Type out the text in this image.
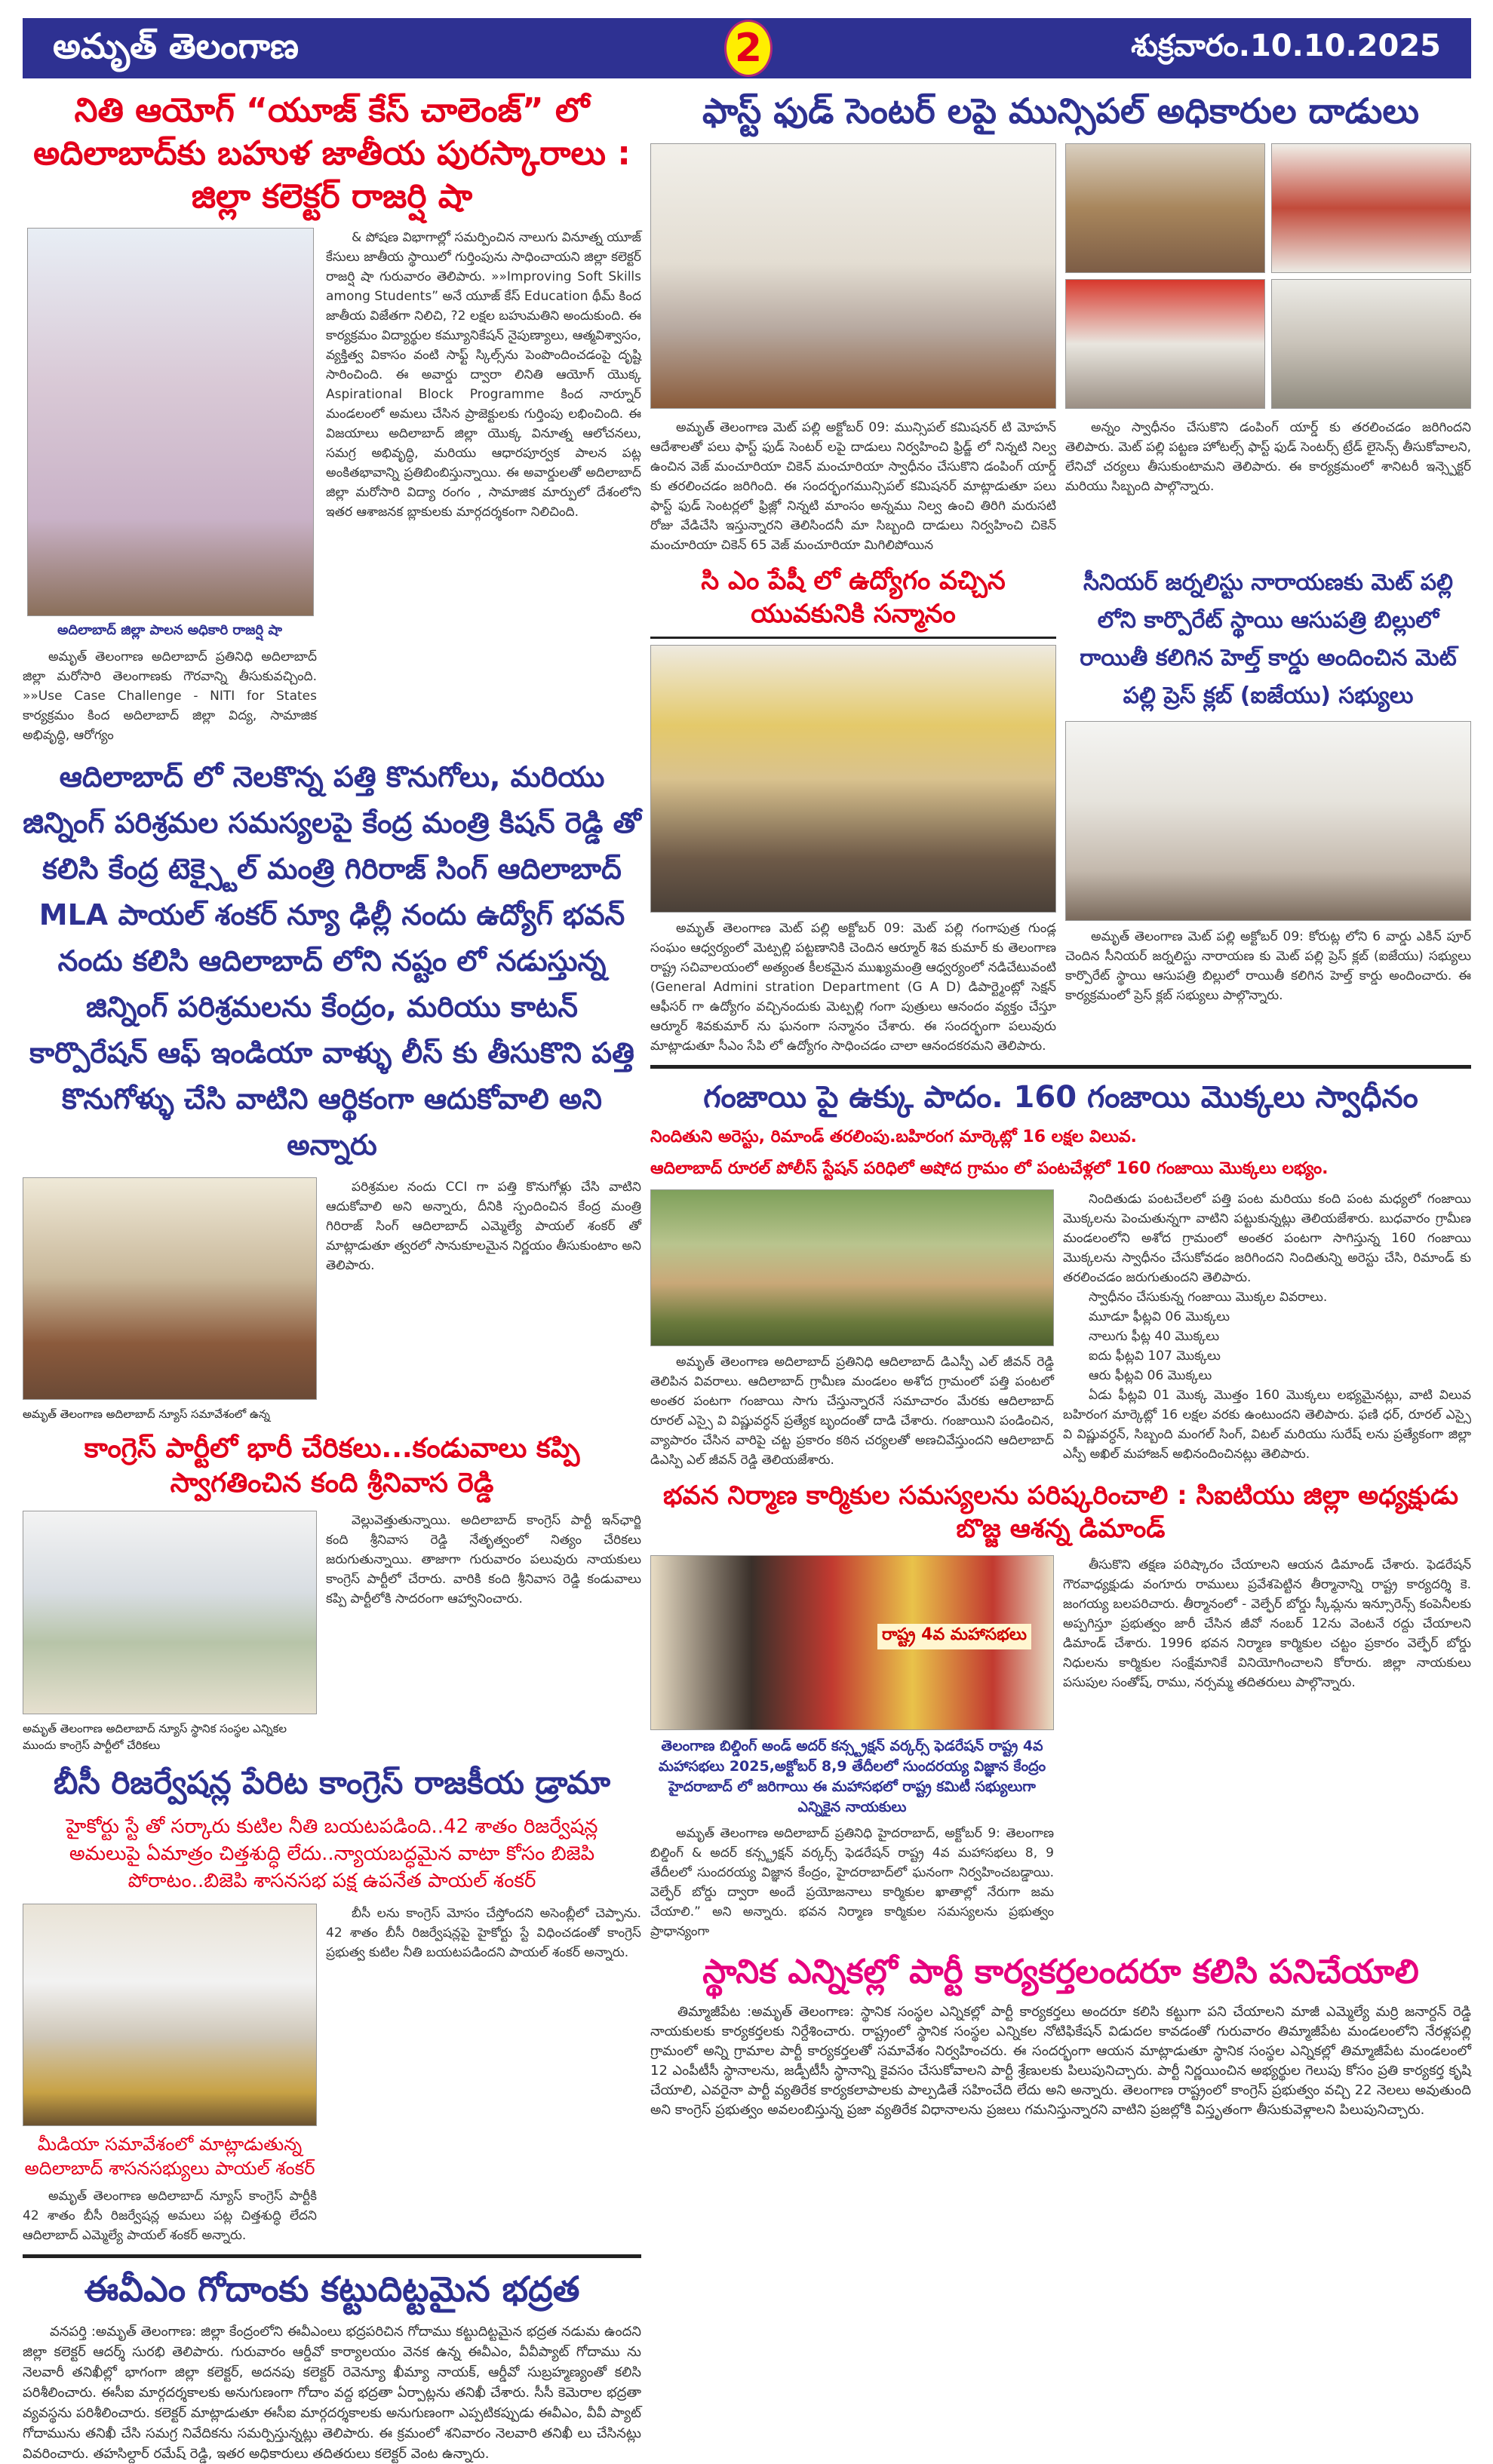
అమృత్ తెలంగాణ	2	శుక్రవారం.10.10.2025
నితి ఆయోగ్ “యూజ్ కేస్ చాలెంజ్” లో అదిలాబాద్‌కు బహుళ జాతీయ పురస్కారాలు : జిల్లా కలెక్టర్ రాజర్షి షా
అదిలాబాద్ జిల్లా పాలన అధికారి రాజర్షి షా

అమృత్ తెలంగాణ అదిలాబాద్ ప్రతినిధి అదిలాబాద్ జిల్లా మరోసారి తెలంగాణకు గౌరవాన్ని తీసుకువచ్చింది. »»Use Case Challenge - NITI for States కార్యక్రమం కింద అదిలాబాద్ జిల్లా విద్య, సామాజిక అభివృద్ధి, ఆరోగ్యం

& పోషణ విభాగాల్లో సమర్పించిన నాలుగు వినూత్న యూజ్ కేసులు జాతీయ స్థాయిలో గుర్తింపును సాధించాయని జిల్లా కలెక్టర్ రాజర్షి షా గురువారం తెలిపారు. »»Improving Soft Skills among Students” అనే యూజ్ కేస్ Education థీమ్ కింద జాతీయ విజేతగా నిలిచి, ?2 లక్షల బహుమతిని అందుకుంది. ఈ కార్యక్రమం విద్యార్థుల కమ్యూనికేషన్ నైపుణ్యాలు, ఆత్మవిశ్వాసం, వ్యక్తిత్వ వికాసం వంటి సాఫ్ట్ స్కిల్స్‌ను పెంపొందించడంపై దృష్టి సారించింది. ఈ అవార్డు ద్వారా లినితి ఆయోగ్ యొక్క Aspirational Block Programme కింద నార్నూర్ మండలంలో అమలు చేసిన ప్రాజెక్టులకు గుర్తింపు లభించింది. ఈ విజయాలు అదిలాబాద్ జిల్లా యొక్క వినూత్న ఆలోచనలు, సమగ్ర అభివృద్ధి, మరియు ఆధారపూర్వక పాలన పట్ల అంకితభావాన్ని ప్రతిబింబిస్తున్నాయి. ఈ అవార్డులతో అదిలాబాద్ జిల్లా మరోసారి విద్యా రంగం , సామాజిక మార్పులో దేశంలోని ఇతర ఆశాజనక బ్లాకులకు మార్గదర్శకంగా నిలిచింది.

ఆదిలాబాద్ లో నెలకొన్న పత్తి కొనుగోలు, మరియు జిన్నింగ్ పరిశ్రమల సమస్యలపై కేంద్ర మంత్రి కిషన్ రెడ్డి తో కలిసి కేంద్ర టెక్స్టైల్ మంత్రి గిరిరాజ్ సింగ్ ఆదిలాబాద్ MLA పాయల్ శంకర్ న్యూ ఢిల్లీ నందు ఉద్యోగ్ భవన్ నందు కలిసి ఆదిలాబాద్ లోని నష్టం లో నడుస్తున్న జిన్నింగ్ పరిశ్రమలను కేంద్రం, మరియు కాటన్ కార్పొరేషన్ ఆఫ్ ఇండియా వాళ్ళు లీస్ కు తీసుకొని పత్తి కొనుగోళ్ళు చేసి వాటిని ఆర్థికంగా ఆదుకోవాలి అని అన్నారు
అమృత్ తెలంగాణ అదిలాబాద్ న్యూస్ సమావేశంలో ఉన్న

పరిశ్రమల నందు CCI గా పత్తి కొనుగోళ్లు చేసి వాటిని ఆదుకోవాలి అని అన్నారు, దీనికి స్పందించిన కేంద్ర మంత్రి గిరిరాజ్ సింగ్ ఆదిలాబాద్ ఎమ్మెల్యే పాయల్ శంకర్ తో మాట్లాడుతూ త్వరలో సానుకూలమైన నిర్ణయం తీసుకుంటాం అని తెలిపారు.

కాంగ్రెస్ పార్టీలో భారీ చేరికలు...కండువాలు కప్పి స్వాగతించిన కంది శ్రీనివాస రెడ్డి
అమృత్ తెలంగాణ అదిలాబాద్ న్యూస్ స్థానిక సంస్థల ఎన్నికల ముందు కాంగ్రెస్ పార్టీలో చేరికలు

వెల్లువెత్తుతున్నాయి. అదిలాబాద్ కాంగ్రెస్ పార్టీ ఇన్‌ఛార్జి కంది శ్రీనివాస రెడ్డి నేతృత్వంలో నిత్యం చేరికలు జరుగుతున్నాయి. తాజాగా గురువారం పలువురు నాయకులు కాంగ్రెస్ పార్టీలో చేరారు. వారికి కంది శ్రీనివాస రెడ్డి కండువాలు కప్పి పార్టీలోకి సాదరంగా ఆహ్వానించారు.

బీసీ రిజర్వేషన్ల పేరిట కాంగ్రెస్ రాజకీయ డ్రామా
హైకోర్టు స్టే తో సర్కారు కుటిల నీతి బయటపడింది..42 శాతం రిజర్వేషన్ల అమలుపై ఏమాత్రం చిత్తశుద్ధి లేదు..న్యాయబద్ధమైన వాటా కోసం బిజెపి పోరాటం..బిజెపి శాసనసభ పక్ష ఉపనేత పాయల్ శంకర్
మీడియా సమావేశంలో మాట్లాడుతున్న అదిలాబాద్ శాసనసభ్యులు పాయల్ శంకర్

అమృత్ తెలంగాణ అదిలాబాద్ న్యూస్ కాంగ్రెస్ పార్టీకి 42 శాతం బీసీ రిజర్వేషన్ల అమలు పట్ల చిత్తశుద్ధి లేదని ఆదిలాబాద్ ఎమ్మెల్యే పాయల్ శంకర్ అన్నారు.

బీసీ లను కాంగ్రెస్ మోసం చేస్తోందని అసెంబ్లీలో చెప్పాను. 42 శాతం బీసీ రిజర్వేషన్లపై హైకోర్టు స్టే విధించడంతో కాంగ్రెస్ ప్రభుత్వ కుటిల నీతి బయటపడిందని పాయల్ శంకర్ అన్నారు.

ఈవీఎం గోదాంకు కట్టుదిట్టమైన భద్రత

వనపర్తి :అమృత్ తెలంగాణ: జిల్లా కేంద్రంలోని ఈవీఎంలు భద్రపరిచిన గోదాము కట్టుదిట్టమైన భద్రత నడుమ ఉందని జిల్లా కలెక్టర్ ఆదర్శ్ సురభి తెలిపారు. గురువారం ఆర్డీవో కార్యాలయం వెనక ఉన్న ఈవీఎం, వీవీప్యాట్ గోదాము ను నెలవారీ తనిఖీల్లో భాగంగా జిల్లా కలెక్టర్, అదనపు కలెక్టర్ రెవెన్యూ ఖీమ్యా నాయక్, ఆర్డీవో సుబ్రహ్మణ్యంతో కలిసి పరిశీలించారు. ఈసీఐ మార్గదర్శకాలకు అనుగుణంగా గోదాం వద్ద భద్రతా ఏర్పాట్లను తనిఖీ చేశారు. సీసీ కెమెరాల భద్రతా వ్యవస్థను పరిశీలించారు. కలెక్టర్ మాట్లాడుతూ ఈసీఐ మార్గదర్శకాలకు అనుగుణంగా ఎప్పటికప్పుడు ఈవీఎం, వీవీ ప్యాట్ గోదామును తనిఖీ చేసి సమగ్ర నివేదికను సమర్పిస్తున్నట్లు తెలిపారు. ఈ క్రమంలో శనివారం నెలవారి తనిఖీ లు చేసినట్లు వివరించారు. తహసిల్దార్ రమేష్ రెడ్డి, ఇతర అధికారులు తదితరులు కలెక్టర్ వెంట ఉన్నారు.

ఫాస్ట్ ఫుడ్ సెంటర్ లపై మున్సిపల్ అధికారుల దాడులు

అమృత్ తెలంగాణ మెట్ పల్లి అక్టోబర్ 09: మున్సిపల్ కమిషనర్ టి మోహన్ ఆదేశాలతో పలు ఫాస్ట్ ఫుడ్ సెంటర్ లపై దాడులు నిర్వహించి ఫ్రిడ్జ్ లో నిన్నటి నిల్వ ఉంచిన వెజ్ మంచూరియా చికెన్ మంచూరియా స్వాధీనం చేసుకొని డంపింగ్ యార్డ్ కు తరలించడం జరిగింది. ఈ సందర్భంగమున్సిపల్ కమిషనర్ మాట్లాడుతూ పలు ఫాస్ట్ ఫుడ్ సెంటర్లలో ఫ్రిజ్లో నిన్నటి మాంసం అన్నము నిల్వ ఉంచి తిరిగి మరుసటి రోజు వేడిచేసి ఇస్తున్నారని తెలిసిందనీ మా సిబ్బంది దాడులు నిర్వహించి చికెన్ మంచూరియా చికెన్ 65 వెజ్ మంచూరియా మిగిలిపోయిన

అన్నం స్వాధీనం చేసుకొని డంపింగ్ యార్డ్ కు తరలించడం జరిగిందని తెలిపారు. మెట్ పల్లి పట్టణ హోటల్స్ ఫాస్ట్ ఫుడ్ సెంటర్స్ ట్రేడ్ లైసెన్స్ తీసుకోవాలని, లేనిచో చర్యలు తీసుకుంటామని తెలిపారు. ఈ కార్యక్రమంలో శానిటరీ ఇన్స్పెక్టర్ మరియు సిబ్బంది పాల్గొన్నారు.

సి ఎం పేషీ లో ఉద్యోగం వచ్చిన యువకునికి సన్మానం

అమృత్ తెలంగాణ మెట్ పల్లి అక్టోబర్ 09: మెట్ పల్లి గంగాపుత్ర గుండ్ల సంఘం ఆధ్వర్యంలో మెట్పల్లి పట్టణానికి చెందిన ఆర్మూర్ శివ కుమార్ కు తెలంగాణ రాష్ట్ర సచివాలయంలో అత్యంత కీలకమైన ముఖ్యమంత్రి ఆధ్వర్యంలో నడిచేటువంటి (General Admini stration Department (G A D) డిపార్ట్మెంట్లో సెక్షన్ ఆఫీసర్ గా ఉద్యోగం వచ్చినందుకు మెట్పల్లి గంగా పుత్రులు ఆనందం వ్యక్తం చేస్తూ ఆర్మూర్ శివకుమార్ ను ఘనంగా సన్మానం చేశారు. ఈ సందర్భంగా పలువురు మాట్లాడుతూ సీఎం సేపి లో ఉద్యోగం సాధించడం చాలా ఆనందకరమని తెలిపారు.

సీనియర్ జర్నలిస్టు నారాయణకు మెట్ పల్లి లోని కార్పొరేట్ స్థాయి ఆసుపత్రి బిల్లులో రాయితీ కలిగిన హెల్త్ కార్డు అందించిన మెట్ పల్లి ప్రెస్ క్లబ్ (ఐజేయు) సభ్యులు

అమృత్ తెలంగాణ మెట్ పల్లి అక్టోబర్ 09: కోరుట్ల లోని 6 వార్డు ఎకిన్ పూర్ చెందిన సీనియర్ జర్నలిస్టు నారాయణ కు మెట్ పల్లి ప్రెస్ క్లబ్ (ఐజేయు) సభ్యులు కార్పొరేట్ స్థాయి ఆసుపత్రి బిల్లులో రాయితీ కలిగిన హెల్త్ కార్డు అందించారు. ఈ కార్యక్రమంలో ప్రెస్ క్లబ్ సభ్యులు పాల్గొన్నారు.

గంజాయి పై ఉక్కు పాదం. 160 గంజాయి మొక్కలు స్వాధీనం
నిందితుని అరెస్టు, రిమాండ్ తరలింపు.బహిరంగ మార్కెట్లో 16 లక్షల విలువ.
ఆదిలాబాద్ రూరల్ పోలీస్ స్టేషన్ పరిధిలో అషోద గ్రామం లో పంటచేళ్లలో 160 గంజాయి మొక్కలు లభ్యం.

అమృత్ తెలంగాణ అదిలాబాద్ ప్రతినిధి ఆదిలాబాద్ డిఎస్పీ ఎల్ జీవన్ రెడ్డి తెలిపిన వివరాలు. ఆదిలాబాద్ గ్రామీణ మండలం అశోద గ్రామంలో పత్తి పంటలో అంతర పంటగా గంజాయి సాగు చేస్తున్నారనే సమాచారం మేరకు ఆదిలాబాద్ రూరల్ ఎస్సై వి విష్ణువర్ధన్ ప్రత్యేక బృందంతో దాడి చేశారు. గంజాయిని పండించిన, వ్యాపారం చేసిన వారిపై చట్ట ప్రకారం కఠిన చర్యలతో అణచివేస్తుందని ఆదిలాబాద్ డిఎస్పి ఎల్ జీవన్ రెడ్డి తెలియజేశారు.

నిందితుడు పంటచేలలో పత్తి పంట మరియు కంది పంట మధ్యలో గంజాయి మొక్కలను పెంచుతున్నగా వాటిని పట్టుకున్నట్లు తెలియజేశారు. బుధవారం గ్రామీణ మండలంలోని అశోద గ్రామంలో అంతర పంటగా సాగిస్తున్న 160 గంజాయి మొక్కలను స్వాధీనం చేసుకోవడం జరిగిందని నిందితున్ని అరెస్టు చేసి, రిమాండ్ కు తరలించడం జరుగుతుందని తెలిపారు.

స్వాధీనం చేసుకున్న గంజాయి మొక్కల వివరాలు.

మూడూ ఫీట్లవి 06 మొక్కలు

నాలుగు ఫీట్ల 40 మొక్కలు

ఐదు ఫీట్లవి 107 మొక్కలు

ఆరు ఫీట్లవి 06 మొక్కలు

ఏడు ఫీట్లవి 01 మొక్క మొత్తం 160 మొక్కలు లభ్యమైనట్లు, వాటి విలువ బహిరంగ మార్కెట్లో 16 లక్షల వరకు ఉంటుందని తెలిపారు. ఫణి ధర్, రూరల్ ఎస్సై వి విష్ణువర్ధన్, సిబ్బంది మంగల్ సింగ్, విటల్ మరియు సురేష్ లను ప్రత్యేకంగా జిల్లా ఎస్పీ అఖిల్ మహాజన్ అభినందించినట్లు తెలిపారు.

భవన నిర్మాణ కార్మికుల సమస్యలను పరిష్కరించాలి : సిఐటియు జిల్లా అధ్యక్షుడు బొజ్జ ఆశన్న డిమాండ్
రాష్ట్ర 4వ మహాసభలు
తెలంగాణ బిల్డింగ్ అండ్ అదర్ కన్స్ట్రక్షన్ వర్కర్స్ ఫెడరేషన్ రాష్ట్ర 4వ మహాసభలు 2025,అక్టోబర్ 8,9 తేదీలలో సుందరయ్య విజ్ఞాన కేంద్రం హైదరాబాద్ లో జరిగాయి ఈ మహాసభలో రాష్ట్ర కమిటీ సభ్యులుగా ఎన్నికైన నాయకులు

అమృత్ తెలంగాణ అదిలాబాద్ ప్రతినిధి హైదరాబాద్, అక్టోబర్ 9: తెలంగాణ బిల్డింగ్ & అదర్ కన్స్ట్రక్షన్ వర్కర్స్ ఫెడరేషన్ రాష్ట్ర 4వ మహాసభలు 8, 9 తేదీలలో సుందరయ్య విజ్ఞాన కేంద్రం, హైదరాబాద్‌లో ఘనంగా నిర్వహించబడ్డాయి. వెల్ఫేర్ బోర్డు ద్వారా అందే ప్రయోజనాలు కార్మికుల ఖాతాల్లో నేరుగా జమ చేయాలి.” అని అన్నారు. భవన నిర్మాణ కార్మికుల సమస్యలను ప్రభుత్వం ప్రాధాన్యంగా

తీసుకొని తక్షణ పరిష్కారం చేయాలని ఆయన డిమాండ్ చేశారు. ఫెడరేషన్ గౌరవాధ్యక్షుడు వంగూరు రాములు ప్రవేశపెట్టిన తీర్మానాన్ని రాష్ట్ర కార్యదర్శి కె. జంగయ్య బలపరిచారు. తీర్మానంలో - వెల్ఫేర్ బోర్డు స్కీమ్లను ఇన్సూరెన్స్ కంపెనీలకు అప్పగిస్తూ ప్రభుత్వం జారీ చేసిన జీవో నంబర్ 12ను వెంటనే రద్దు చేయాలని డిమాండ్ చేశారు. 1996 భవన నిర్మాణ కార్మికుల చట్టం ప్రకారం వెల్ఫేర్ బోర్డు నిధులను కార్మికుల సంక్షేమానికే వినియోగించాలని కోరారు. జిల్లా నాయకులు పసుపుల సంతోష్, రాము, నర్సమ్మ తదితరులు పాల్గొన్నారు.

స్థానిక ఎన్నికల్లో పార్టీ కార్యకర్తలందరూ కలిసి పనిచేయాలి

తిమ్మాజీపేట :అమృత్ తెలంగాణ: స్థానిక సంస్థల ఎన్నికల్లో పార్టీ కార్యకర్తలు అందరూ కలిసి కట్టుగా పని చేయాలని మాజీ ఎమ్మెల్యే మర్రి జనార్దన్ రెడ్డి నాయకులకు కార్యకర్తలకు నిర్దేశించారు. రాష్ట్రంలో స్థానిక సంస్థల ఎన్నికల నోటిఫికేషన్ విడుదల కావడంతో గురువారం తిమ్మాజీపేట మండలంలోని నేరళ్లపల్లి గ్రామంలో అన్ని గ్రామాల పార్టీ కార్యకర్తలతో సమావేశం నిర్వహించరు. ఈ సందర్భంగా ఆయన మాట్లాడుతూ స్థానిక సంస్థల ఎన్నికల్లో తిమ్మాజీపేట మండలంలో 12 ఎంపీటీసీ స్థానాలను, జడ్పీటీసీ స్థానాన్ని కైవసం చేసుకోవాలని పార్టీ శ్రేణులకు పిలుపునిచ్చారు. పార్టీ నిర్ణయించిన అభ్యర్థుల గెలుపు కోసం ప్రతి కార్యకర్త కృషి చేయాలి, ఎవరైనా పార్టీ వ్యతిరేక కార్యకలాపాలకు పాల్పడితే సహించేది లేదు అని అన్నారు. తెలంగాణ రాష్ట్రంలో కాంగ్రెస్ ప్రభుత్వం వచ్చి 22 నెలలు అవుతుంది అని కాంగ్రెస్ ప్రభుత్వం అవలంబిస్తున్న ప్రజా వ్యతిరేక విధానాలను ప్రజలు గమనిస్తున్నారని వాటిని ప్రజల్లోకి విస్తృతంగా తీసుకువెళ్లాలని పిలుపునిచ్చారు.
